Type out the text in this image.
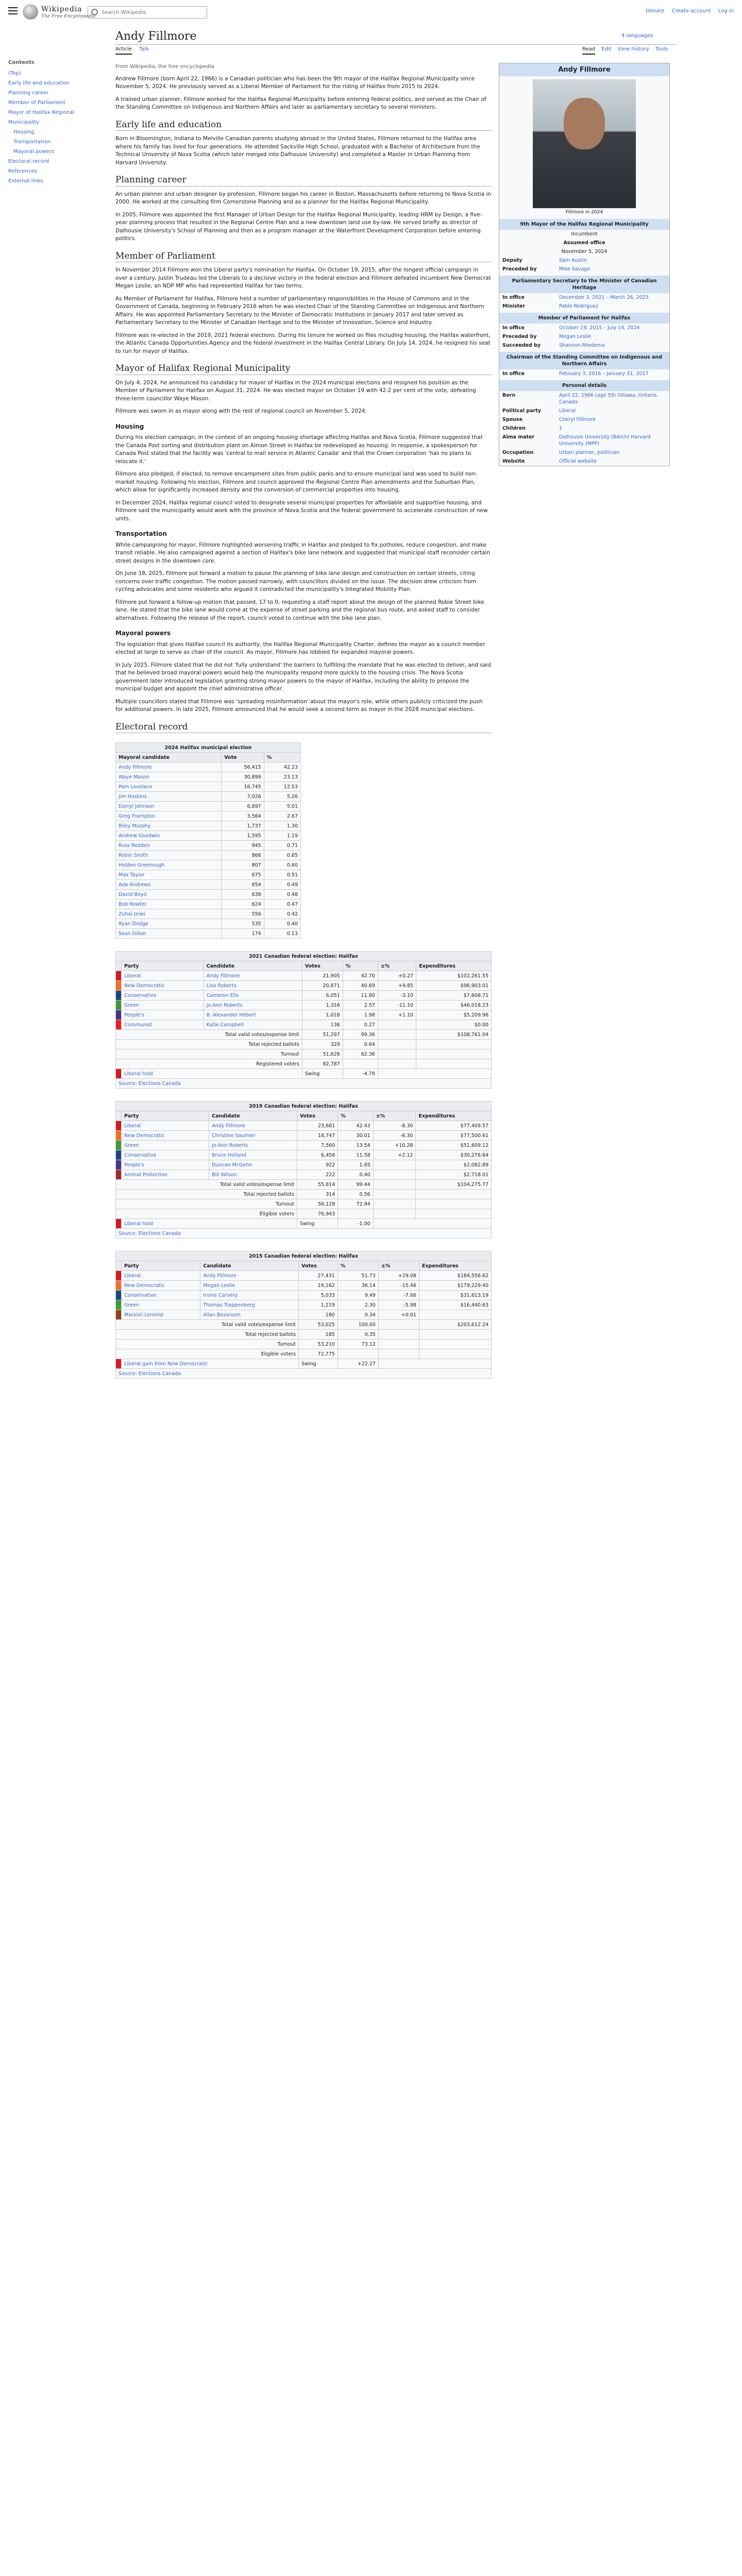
Wikipedia
The Free Encyclopedia
Search Wikipedia
Donate Create account Log in
Andy Fillmore	4 languages
Article Talk	Read Edit View history Tools
Contents
(Top)
Early life and education
Planning career
Member of Parliament
Mayor of Halifax Regional Municipality
Housing
Transportation
Mayoral powers
Electoral record
References
External links
From Wikipedia, the free encyclopedia

Andrew Fillmore (born April 22, 1966) is a Canadian politician who has been the 9th mayor of the Halifax Regional Municipality since November 5, 2024. He previously served as a Liberal Member of Parliament for the riding of Halifax from 2015 to 2024.

A trained urban planner, Fillmore worked for the Halifax Regional Municipality before entering federal politics, and served as the Chair of the Standing Committee on Indigenous and Northern Affairs and later as parliamentary secretary to several ministers.

Early life and education

Born in Bloomington, Indiana to Melville Canadian parents studying abroad in the United States, Fillmore returned to the Halifax area where his family has lived for four generations. He attended Sackville High School, graduated with a Bachelor of Architecture from the Technical University of Nova Scotia (which later merged into Dalhousie University) and completed a Master in Urban Planning from Harvard University.

Planning career

An urban planner and urban designer by profession, Fillmore began his career in Boston, Massachusetts before returning to Nova Scotia in 2000. He worked at the consulting firm Cornerstone Planning and as a planner for the Halifax Regional Municipality.

In 2005, Fillmore was appointed the first Manager of Urban Design for the Halifax Regional Municipality, leading HRM by Design, a five-year planning process that resulted in the Regional Centre Plan and a new downtown land use by-law. He served briefly as director of Dalhousie University's School of Planning and then as a program manager at the Waterfront Development Corporation before entering politics.

Member of Parliament

In November 2014 Fillmore won the Liberal party's nomination for Halifax. On October 19, 2015, after the longest official campaign in over a century, Justin Trudeau led the Liberals to a decisive victory in the federal election and Fillmore defeated incumbent New Democrat Megan Leslie, an NDP MP who had represented Halifax for two terms.

As Member of Parliament for Halifax, Fillmore held a number of parliamentary responsibilities in the House of Commons and in the Government of Canada, beginning in February 2016 when he was elected Chair of the Standing Committee on Indigenous and Northern Affairs. He was appointed Parliamentary Secretary to the Minister of Democratic Institutions in January 2017 and later served as Parliamentary Secretary to the Minister of Canadian Heritage and to the Minister of Innovation, Science and Industry.

Fillmore was re-elected in the 2019, 2021 federal elections. During his tenure he worked on files including housing, the Halifax waterfront, the Atlantic Canada Opportunities Agency and the federal investment in the Halifax Central Library. On July 14, 2024, he resigned his seat to run for mayor of Halifax.

Mayor of Halifax Regional Municipality

On July 4, 2024, he announced his candidacy for mayor of Halifax in the 2024 municipal elections and resigned his position as the Member of Parliament for Halifax on August 31, 2024. He was elected mayor on October 19 with 42.2 per cent of the vote, defeating three-term councillor Waye Mason.

Fillmore was sworn in as mayor along with the rest of regional council on November 5, 2024.

Housing

During his election campaign, in the context of an ongoing housing shortage affecting Halifax and Nova Scotia, Fillmore suggested that the Canada Post sorting and distribution plant on Almon Street in Halifax be redeveloped as housing. In response, a spokesperson for Canada Post stated that the facility was 'central to mail service in Atlantic Canada' and that the Crown corporation 'has no plans to relocate it.'

Fillmore also pledged, if elected, to remove encampment sites from public parks and to ensure municipal land was used to build non-market housing. Following his election, Fillmore and council approved the Regional Centre Plan amendments and the Suburban Plan, which allow for significantly increased density and the conversion of commercial properties into housing.

In December 2024, Halifax regional council voted to designate several municipal properties for affordable and supportive housing, and Fillmore said the municipality would work with the province of Nova Scotia and the federal government to accelerate construction of new units.

Transportation

While campaigning for mayor, Fillmore highlighted worsening traffic in Halifax and pledged to fix potholes, reduce congestion, and make transit reliable. He also campaigned against a section of Halifax's bike lane network and suggested that municipal staff reconsider certain street designs in the downtown core.

On June 18, 2025, Fillmore put forward a motion to pause the planning of bike lane design and construction on certain streets, citing concerns over traffic congestion. The motion passed narrowly, with councillors divided on the issue. The decision drew criticism from cycling advocates and some residents who argued it contradicted the municipality's Integrated Mobility Plan.

Fillmore put forward a follow-up motion that passed, 17 to 0, requesting a staff report about the design of the planned Robie Street bike lane. He stated that the bike lane would come at the expense of street parking and the regional bus route, and asked staff to consider alternatives. Following the release of the report, council voted to continue with the bike lane plan.

Mayoral powers

The legislation that gives Halifax council its authority, the Halifax Regional Municipality Charter, defines the mayor as a council member elected at large to serve as chair of the council. As mayor, Fillmore has lobbied for expanded mayoral powers.

In July 2025, Fillmore stated that he did not 'fully understand' the barriers to fulfilling the mandate that he was elected to deliver, and said that he believed broad mayoral powers would help the municipality respond more quickly to the housing crisis. The Nova Scotia government later introduced legislation granting strong mayor powers to the mayor of Halifax, including the ability to propose the municipal budget and appoint the chief administrative officer.

Multiple councillors stated that Fillmore was 'spreading misinformation' about the mayor's role, while others publicly criticized the push for additional powers. In late 2025, Fillmore announced that he would seek a second term as mayor in the 2028 municipal elections.

Electoral record
Andy Fillmore
Fillmore in 2024
9th Mayor of the Halifax Regional Municipality
Incumbent
Assumed office
November 5, 2024
Deputy	Sam Austin
Preceded by	Mike Savage
Parliamentary Secretary to the Minister of Canadian Heritage
In office	December 3, 2021 – March 26, 2023
Minister	Pablo Rodriguez
Member of Parliament for Halifax
In office	October 19, 2015 – July 14, 2024
Preceded by	Megan Leslie
Succeeded by	Shannon Miedema
Chairman of the Standing Committee on Indigenous and Northern Affairs
In office	February 3, 2016 – January 31, 2017
Personal details
Born	April 22, 1966 (age 59) Ottawa, Ontario, Canada
Political party	Liberal
Spouse	Cheryl Fillmore
Children	1
Alma mater	Dalhousie University (BArch) Harvard University (MPP)
Occupation	Urban planner, politician
Website	Official website
2024 Halifax municipal election		
Mayoral candidate	Vote	%
Andy Fillmore	56,415	42.23
Waye Mason	30,899	23.13
Pam Lovelace	16,745	12.53
Jim Hoskins	7,026	5.26
Darryl Johnson	6,697	5.01
Greg Frampton	3,564	2.67
Riley Murphy	1,737	1.30
Andrew Goodwin	1,595	1.19
Ross Redden	945	0.71
Robin Smith	866	0.65
Holden Greenough	807	0.60
Max Taylor	675	0.51
Ada Andrews	654	0.49
David Boyd	638	0.48
Bob Rowter	624	0.47
Zuhal Jeiwi	556	0.42
Ryan Dodge	535	0.40
Sean Dillon	174	0.13
2021 Canadian federal election: Halifax						
	Party	Candidate	Votes	%	±%	Expenditures
	Liberal	Andy Fillmore	21,905	42.70	+0.27	$102,261.55
	New Democratic	Lisa Roberts	20,871	40.69	+9.85	$96,903.01
	Conservative	Cameron Ells	6,051	11.80	-3.10	$7,608.71
	Green	Jo-Ann Roberts	1,316	2.57	-11.10	$46,018.23
	People's	B. Alexander Hébert	1,018	1.98	+1.10	$5,209.96
	Communist	Katie Campbell	136	0.27		$0.00
Total valid votes/expense limit			51,297	99.36		$108,761.04
Total rejected ballots			329	0.64		
Turnout			51,626	62.36		
Registered voters			82,787			
	Liberal hold		Swing	-4.79		
Source: Elections Canada						
2019 Canadian federal election: Halifax						
	Party	Candidate	Votes	%	±%	Expenditures
	Liberal	Andy Fillmore	23,681	42.43	-8.30	$77,409.57
	New Democratic	Christine Saulnier	16,747	30.01	-6.30	$77,500.61
	Green	Jo-Ann Roberts	7,560	13.54	+10.28	$51,609.12
	Conservative	Bruce Holland	6,456	11.58	+2.12	$30,276.64
	People's	Duncan McGenn	922	1.65		$2,082.89
	Animal Protection	Bill Wilson	222	0.40		$2,718.01
Total valid votes/expense limit			55,814	99.44		$104,275.77
Total rejected ballots			314	0.56		
Turnout			56,128	72.94		
Eligible voters			76,943			
	Liberal hold		Swing	-1.00		
Source: Elections Canada						
2015 Canadian federal election: Halifax						
	Party	Candidate	Votes	%	±%	Expenditures
	Liberal	Andy Fillmore	27,431	51.73	+29.08	$184,556.62
	New Democratic	Megan Leslie	19,162	36.14	-15.46	$179,229.40
	Conservative	Irvine Carvery	5,033	9.49	-7.66	$31,613.19
	Green	Thomas Trappenberg	1,219	2.30	-5.98	$16,440.63
	Marxist–Leninist	Allan Bezanson	180	0.34	+0.01	
Total valid votes/expense limit			53,025	100.00		$203,612.24
Total rejected ballots			185	0.35		
Turnout			53,210	73.12		
Eligible voters			72,775			
	Liberal gain from New Democratic		Swing	+22.27		
Source: Elections Canada						
